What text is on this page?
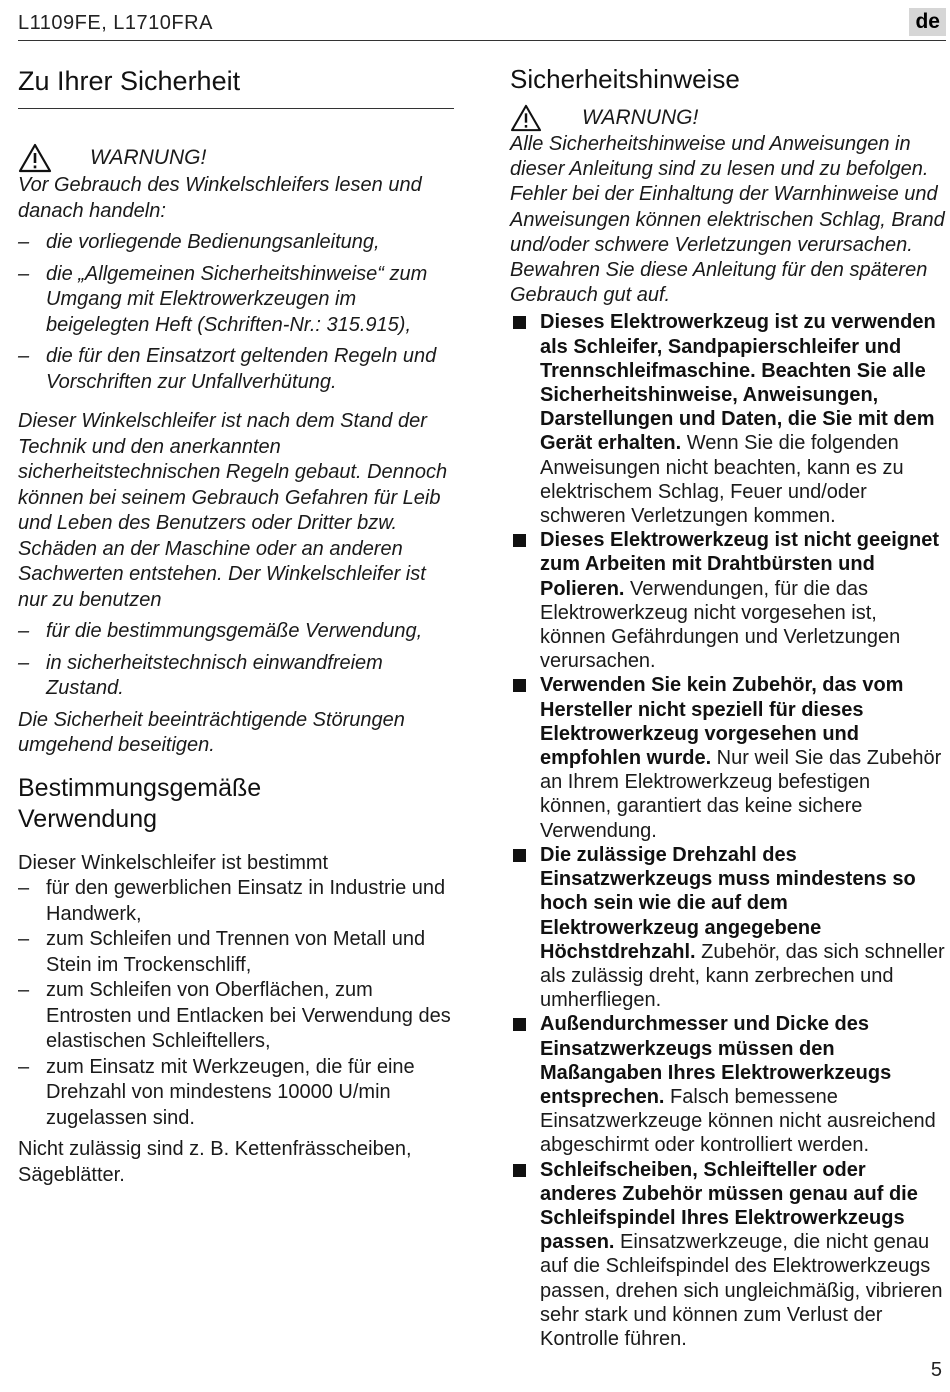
L1109FE, L1710FRA	de
Zu Ihrer Sicherheit
WARNUNG!

Vor Gebrauch des Winkelschleifers lesen und danach handeln:

– die vorliegende Bedienungsanleitung,
– die „Allgemeinen Sicherheitshinweise“ zum Umgang mit Elektrowerkzeugen im beigelegten Heft (Schriften-Nr.: 315.915),
– die für den Einsatzort geltenden Regeln und Vorschriften zur Unfallverhütung.

Dieser Winkelschleifer ist nach dem Stand der Technik und den anerkannten sicherheitstechnischen Regeln gebaut. Dennoch können bei seinem Gebrauch Gefahren für Leib und Leben des Benutzers oder Dritter bzw. Schäden an der Maschine oder an anderen Sachwerten entstehen. Der Winkelschleifer ist nur zu benutzen

– für die bestimmungsgemäße Verwendung,
– in sicherheitstechnisch einwandfreiem Zustand.

Die Sicherheit beeinträchtigende Störungen umgehend beseitigen.

Bestimmungsgemäße
Verwendung

Dieser Winkelschleifer ist bestimmt

– für den gewerblichen Einsatz in Industrie und Handwerk,
– zum Schleifen und Trennen von Metall und Stein im Trockenschliff,
– zum Schleifen von Oberflächen, zum Entrosten und Entlacken bei Verwendung des elastischen Schleiftellers,
– zum Einsatz mit Werkzeugen, die für eine Drehzahl von mindestens 10000 U/min zugelassen sind.

Nicht zulässig sind z. B. Kettenfrässcheiben, Sägeblätter.

Sicherheitshinweise
WARNUNG!

Alle Sicherheitshinweise und Anweisungen in dieser Anleitung sind zu lesen und zu befolgen. Fehler bei der Einhaltung der Warnhinweise und Anweisungen können elektrischen Schlag, Brand und/oder schwere Verletzungen verursachen. Bewahren Sie diese Anleitung für den späteren Gebrauch gut auf.

Dieses Elektrowerkzeug ist zu verwenden als Schleifer, Sandpapierschleifer und Trennschleifmaschine. Beachten Sie alle Sicherheitshinweise, Anweisungen, Darstellungen und Daten, die Sie mit dem Gerät erhalten. Wenn Sie die folgenden Anweisungen nicht beachten, kann es zu elektrischem Schlag, Feuer und/oder schweren Verletzungen kommen.
Dieses Elektrowerkzeug ist nicht geeignet zum Arbeiten mit Drahtbürsten und Polieren. Verwendungen, für die das Elektrowerkzeug nicht vorgesehen ist, können Gefährdungen und Verletzungen verursachen.
Verwenden Sie kein Zubehör, das vom Hersteller nicht speziell für dieses Elektrowerkzeug vorgesehen und empfohlen wurde. Nur weil Sie das Zubehör an Ihrem Elektrowerkzeug befestigen können, garantiert das keine sichere Verwendung.
Die zulässige Drehzahl des Einsatzwerkzeugs muss mindestens so hoch sein wie die auf dem Elektrowerkzeug angegebene Höchstdrehzahl. Zubehör, das sich schneller als zulässig dreht, kann zerbrechen und umherfliegen.
Außendurchmesser und Dicke des Einsatzwerkzeugs müssen den Maßangaben Ihres Elektrowerkzeugs entsprechen. Falsch bemessene Einsatzwerkzeuge können nicht ausreichend abgeschirmt oder kontrolliert werden.
Schleifscheiben, Schleifteller oder anderes Zubehör müssen genau auf die Schleifspindel Ihres Elektrowerkzeugs passen. Einsatzwerkzeuge, die nicht genau auf die Schleifspindel des Elektrowerkzeugs passen, drehen sich ungleichmäßig, vibrieren sehr stark und können zum Verlust der Kontrolle führen.
5
